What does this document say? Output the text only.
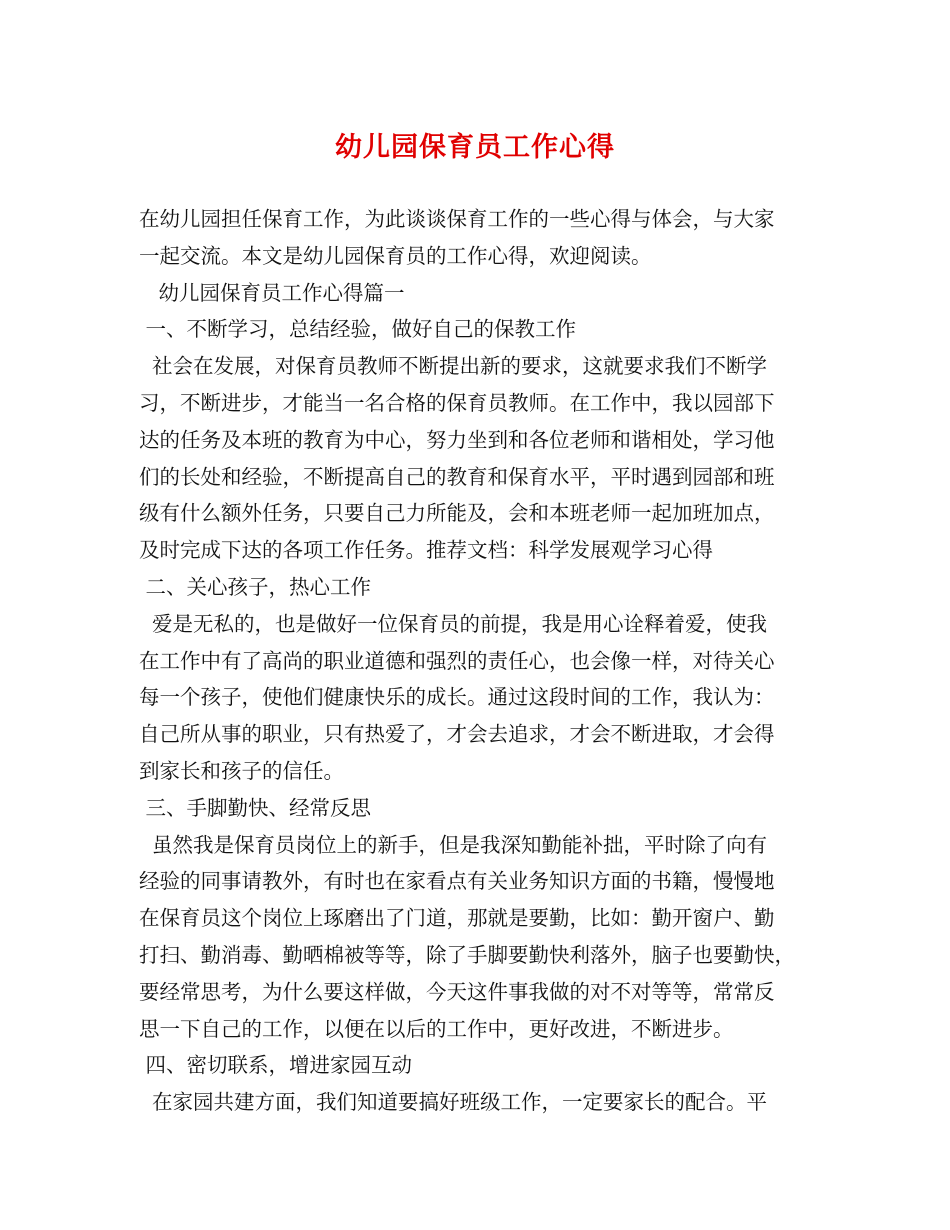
幼儿园保育员工作心得
在幼儿园担任保育工作，为此谈谈保育工作的一些心得与体会，与大家
一起交流。本文是幼儿园保育员的工作心得，欢迎阅读。
幼儿园保育员工作心得篇一
一、不断学习，总结经验，做好自己的保教工作
社会在发展，对保育员教师不断提出新的要求，这就要求我们不断学
习，不断进步，才能当一名合格的保育员教师。在工作中，我以园部下
达的任务及本班的教育为中心，努力坐到和各位老师和谐相处，学习他
们的长处和经验，不断提高自己的教育和保育水平，平时遇到园部和班
级有什么额外任务，只要自己力所能及，会和本班老师一起加班加点，
及时完成下达的各项工作任务。推荐文档：科学发展观学习心得
二、关心孩子，热心工作
爱是无私的，也是做好一位保育员的前提，我是用心诠释着爱，使我
在工作中有了高尚的职业道德和强烈的责任心，也会像一样，对待关心
每一个孩子，使他们健康快乐的成长。通过这段时间的工作，我认为：
自己所从事的职业，只有热爱了，才会去追求，才会不断进取，才会得
到家长和孩子的信任。
三、手脚勤快、经常反思
虽然我是保育员岗位上的新手，但是我深知勤能补拙，平时除了向有
经验的同事请教外，有时也在家看点有关业务知识方面的书籍，慢慢地
在保育员这个岗位上琢磨出了门道，那就是要勤，比如：勤开窗户、勤
打扫、勤消毒、勤晒棉被等等，除了手脚要勤快利落外，脑子也要勤快，
要经常思考，为什么要这样做，今天这件事我做的对不对等等，常常反
思一下自己的工作，以便在以后的工作中，更好改进，不断进步。
四、密切联系，增进家园互动
在家园共建方面，我们知道要搞好班级工作，一定要家长的配合。平
